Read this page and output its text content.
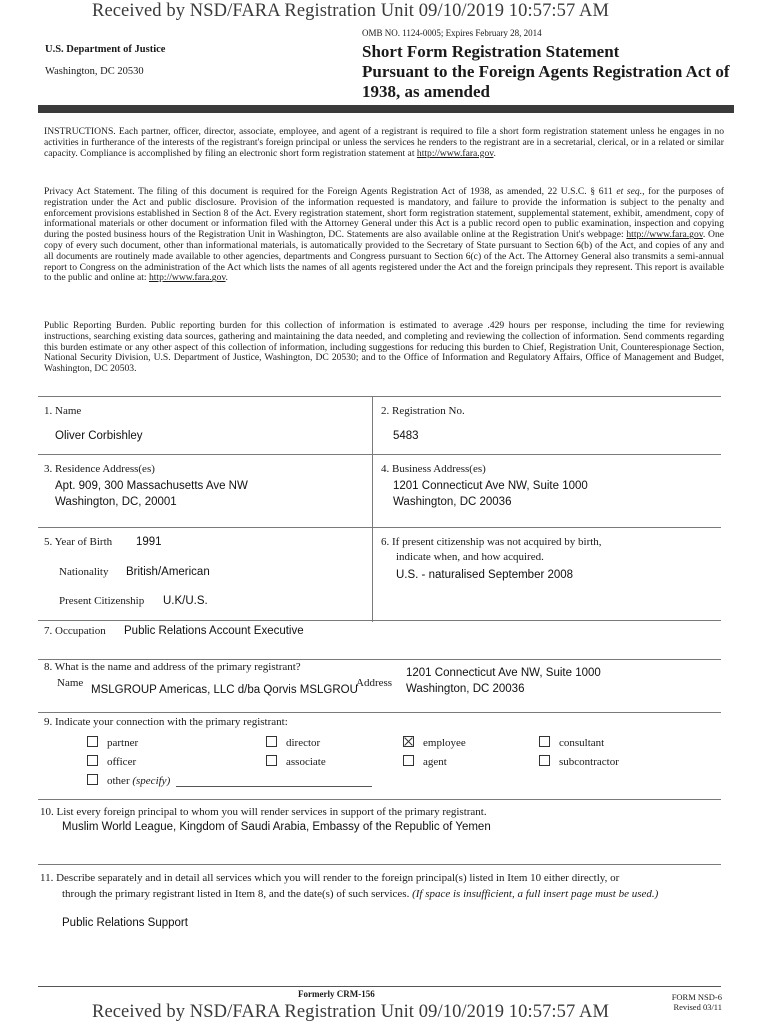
Received by NSD/FARA Registration Unit 09/10/2019 10:57:57 AM
U.S. Department of Justice
Washington, DC 20530
OMB NO. 1124-0005; Expires February 28, 2014
Short Form Registration Statement
Pursuant to the Foreign Agents Registration Act of
1938, as amended

INSTRUCTIONS. Each partner, officer, director, associate, employee, and agent of a registrant is required to file a short form registration statement unless he engages in no activities in furtherance of the interests of the registrant's foreign principal or unless the services he renders to the registrant are in a secretarial, clerical, or in a related or similar capacity. Compliance is accomplished by filing an electronic short form registration statement at http://www.fara.gov.

Privacy Act Statement. The filing of this document is required for the Foreign Agents Registration Act of 1938, as amended, 22 U.S.C. § 611 et seq., for the purposes of registration under the Act and public disclosure. Provision of the information requested is mandatory, and failure to provide the information is subject to the penalty and enforcement provisions established in Section 8 of the Act. Every registration statement, short form registration statement, supplemental statement, exhibit, amendment, copy of informational materials or other document or information filed with the Attorney General under this Act is a public record open to public examination, inspection and copying during the posted business hours of the Registration Unit in Washington, DC. Statements are also available online at the Registration Unit's webpage: http://www.fara.gov. One copy of every such document, other than informational materials, is automatically provided to the Secretary of State pursuant to Section 6(b) of the Act, and copies of any and all documents are routinely made available to other agencies, departments and Congress pursuant to Section 6(c) of the Act. The Attorney General also transmits a semi-annual report to Congress on the administration of the Act which lists the names of all agents registered under the Act and the foreign principals they represent. This report is available to the public and online at: http://www.fara.gov.

Public Reporting Burden. Public reporting burden for this collection of information is estimated to average .429 hours per response, including the time for reviewing instructions, searching existing data sources, gathering and maintaining the data needed, and completing and reviewing the collection of information. Send comments regarding this burden estimate or any other aspect of this collection of information, including suggestions for reducing this burden to Chief, Registration Unit, Counterespionage Section, National Security Division, U.S. Department of Justice, Washington, DC 20530; and to the Office of Information and Regulatory Affairs, Office of Management and Budget, Washington, DC 20503.

1. Name
Oliver Corbishley
2. Registration No.
5483
3. Residence Address(es)
Apt. 909, 300 Massachusetts Ave NW
Washington, DC, 20001
4. Business Address(es)
1201 Connecticut Ave NW, Suite 1000
Washington, DC 20036
5. Year of Birth 1991
Nationality British/American
Present Citizenship U.K/U.S.
6. If present citizenship was not acquired by birth,
indicate when, and how acquired.
U.S. - naturalised September 2008
7. Occupation Public Relations Account Executive
8. What is the name and address of the primary registrant?
Name
MSLGROUP Americas, LLC d/ba Qorvis MSLGROU
Address
1201 Connecticut Ave NW, Suite 1000
Washington, DC 20036
9. Indicate your connection with the primary registrant:
partner	director	employee	consultant
officer	associate	agent	subcontractor
other (specify)
10. List every foreign principal to whom you will render services in support of the primary registrant.
Muslim World League, Kingdom of Saudi Arabia, Embassy of the Republic of Yemen
11. Describe separately and in detail all services which you will render to the foreign principal(s) listed in Item 10 either directly, or
through the primary registrant listed in Item 8, and the date(s) of such services. (If space is insufficient, a full insert page must be used.)
Public Relations Support
Formerly CRM-156	FORM NSD-6
Revised 03/11
Received by NSD/FARA Registration Unit 09/10/2019 10:57:57 AM
